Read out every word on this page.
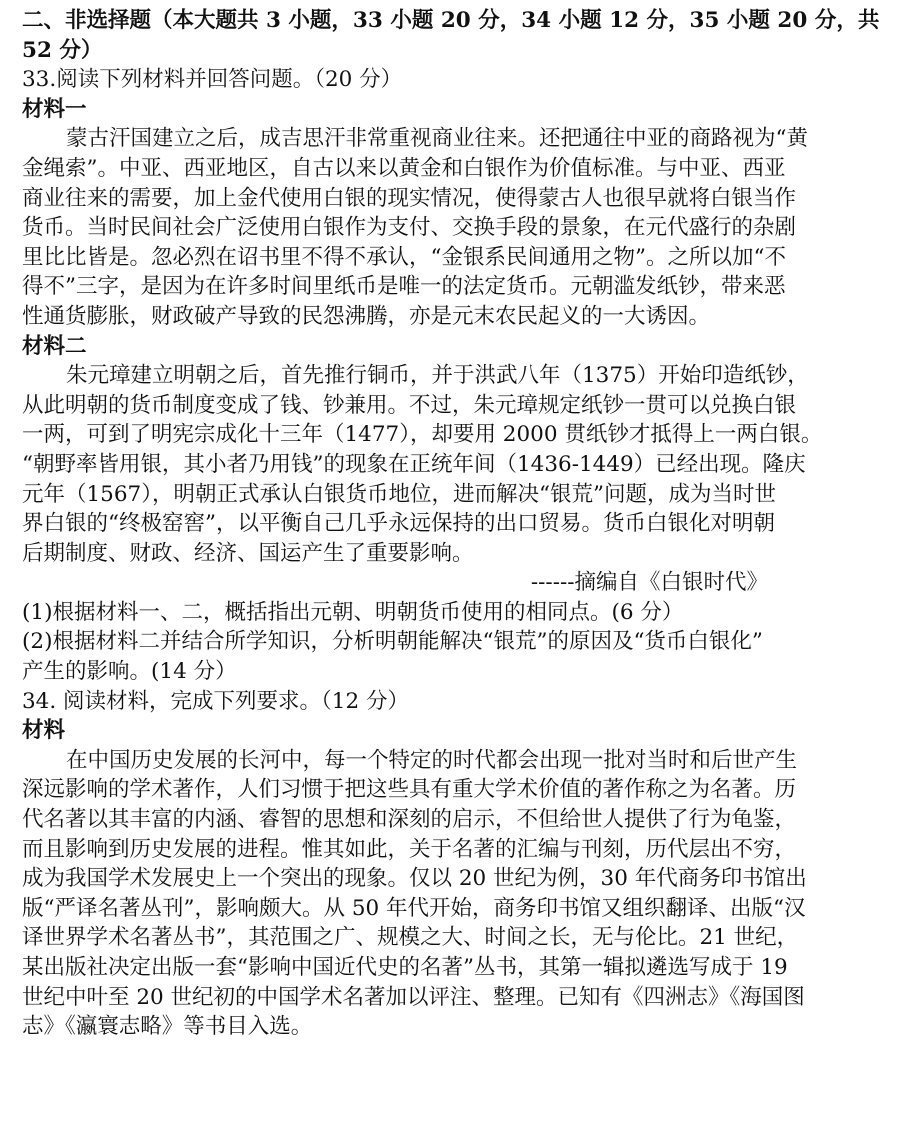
二、非选择题（本大题共 3 小题，33 小题 20 分，34 小题 12 分，35 小题 20 分，共
52 分）
33.阅读下列材料并回答问题。（20 分）
材料一
蒙古汗国建立之后，成吉思汗非常重视商业往来。还把通往中亚的商路视为“黄
金绳索”。中亚、西亚地区，自古以来以黄金和白银作为价值标准。与中亚、西亚
商业往来的需要，加上金代使用白银的现实情况，使得蒙古人也很早就将白银当作
货币。当时民间社会广泛使用白银作为支付、交换手段的景象，在元代盛行的杂剧
里比比皆是。忽必烈在诏书里不得不承认，“金银系民间通用之物”。之所以加“不
得不”三字，是因为在许多时间里纸币是唯一的法定货币。元朝滥发纸钞，带来恶
性通货膨胀，财政破产导致的民怨沸腾，亦是元末农民起义的一大诱因。
材料二
朱元璋建立明朝之后，首先推行铜币，并于洪武八年（1375）开始印造纸钞，
从此明朝的货币制度变成了钱、钞兼用。不过，朱元璋规定纸钞一贯可以兑换白银
一两，可到了明宪宗成化十三年（1477），却要用 2000 贯纸钞才抵得上一两白银。
“朝野率皆用银，其小者乃用钱”的现象在正统年间（1436-1449）已经出现。隆庆
元年（1567），明朝正式承认白银货币地位，进而解决“银荒”问题，成为当时世
界白银的“终极窑窖”，以平衡自己几乎永远保持的出口贸易。货币白银化对明朝
后期制度、财政、经济、国运产生了重要影响。
------摘编自《白银时代》
(1)根据材料一、二，概括指出元朝、明朝货币使用的相同点。(6 分）
(2)根据材料二并结合所学知识，分析明朝能解决“银荒”的原因及“货币白银化”
产生的影响。(14 分）
34. 阅读材料，完成下列要求。（12 分）
材料
在中国历史发展的长河中，每一个特定的时代都会出现一批对当时和后世产生
深远影响的学术著作，人们习惯于把这些具有重大学术价值的著作称之为名著。历
代名著以其丰富的内涵、睿智的思想和深刻的启示，不但给世人提供了行为龟鉴，
而且影响到历史发展的进程。惟其如此，关于名著的汇编与刊刻，历代层出不穷，
成为我国学术发展史上一个突出的现象。仅以 20 世纪为例，30 年代商务印书馆出
版“严译名著丛刊”，影响颇大。从 50 年代开始，商务印书馆又组织翻译、出版“汉
译世界学术名著丛书”，其范围之广、规模之大、时间之长，无与伦比。21 世纪，
某出版社决定出版一套“影响中国近代史的名著”丛书，其第一辑拟遴选写成于 19
世纪中叶至 20 世纪初的中国学术名著加以评注、整理。已知有《四洲志》《海国图
志》《瀛寰志略》等书目入选。
